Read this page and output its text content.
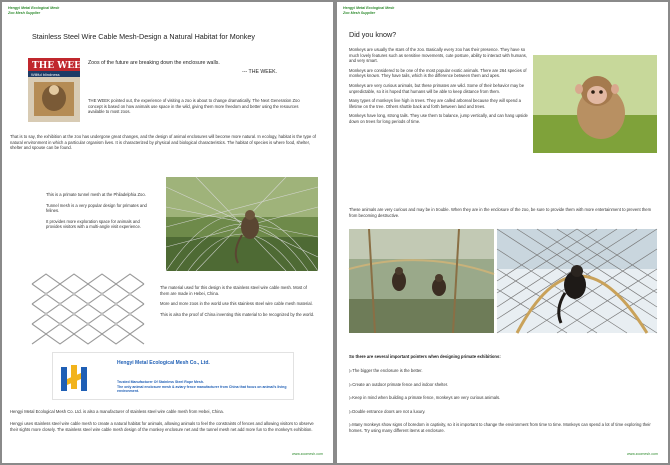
Hengyi Metal Ecological Mesh
Zoo Mesh Supplier
Stainless Steel Wire Cable Mesh-Design a Natural Habitat for Monkey
THE WEEK
Willful blindness
Zoos of the future are breaking down the enclosure walls.
--- THE WEEK.
THE WEEK pointed out, the experience of visiting a zoo is about to change dramatically. The Next Generation Zoo concept is based on how animals use space in the wild, giving them more freedom and better using the resources available to most zoos.
That is to say, the exhibition at the zoo has undergone great changes, and the design of animal enclosures will become more natural. In ecology, habitat is the type of natural environment in which a particular organism lives. It is characterized by physical and biological characteristics. The habitat of species is where food, shelter, shelter and spouse can be found.
This is a primate tunnel mesh at the Philadelphia Zoo.
Tunnel mesh is a very popular design for primates and felines.
It provides more exploration space for animals and provides visitors with a multi-angle visit experience.
The material used for this design is the stainless steel wire cable mesh. Most of them are made in Hebei, China.
More and more zoos in the world use this stainless steel wire cable mesh material.
This is also the proof of China inventing this material to be recognized by the world.
Hengyi Metal Ecological Mesh Co., Ltd.
Trusted Manufacturer Of Stainless Steel Rope Mesh.
The only animal enclosure mesh & aviary fence manufacturer from China that focus on animal's living environment.
Hengyi Metal Ecological Mesh Co. Ltd. is also a manufacturer of stainless steel wire cable mesh from Hebei, China.
Hengyi uses stainless steel wire cable mesh to create a natural habitat for animals, allowing animals to feel the constraints of fences and allowing visitors to observe their sights more closely. The stainless steel wire cable mesh design of the monkey enclosure net and the tunnel mesh net add more fun to the monkey's exhibition.
www.zoomesh.com
Hengyi Metal Ecological Mesh
Zoo Mesh Supplier
Did you know?
Monkeys are usually the stars of the zoo. Basically every zoo has their presence. They have so much lovely features such as sensitive movements, cute posture, ability to interact with humans, and very smart.
Monkeys are considered to be one of the most popular exotic animals. There are 264 species of monkeys known. They have tails, which is the difference between them and apes.
Monkeys are very curious animals, but these primates are wild. Some of their behavior may be unpredictable, so it is hoped that humans will be able to keep distance from them.
Many types of monkeys live high in trees. They are called arboreal because they will spend a lifetime on the tree. Others shuttle back and forth between land and trees.
Monkeys have long, strong tails. They use them to balance, jump vertically, and can hang upside down on trees for long periods of time.
These animals are very curious and may be in trouble. When they are in the enclosure of the zoo, be sure to provide them with more entertainment to prevent them from becoming destructive.
So there are several important pointers when designing primate exhibitions:
▷The bigger the enclosure is the better.
▷Create an outdoor primate fence and indoor shelter.
▷Keep in mind when building a primate fence, monkeys are very curious animals.
▷Double entrance doors are not a luxury.
▷Many monkeys show signs of boredom in captivity, so it is important to change the environment from time to time. Monkeys can spend a lot of time exploring their homes. Try using many different items at enclosure.
www.zoomesh.com
